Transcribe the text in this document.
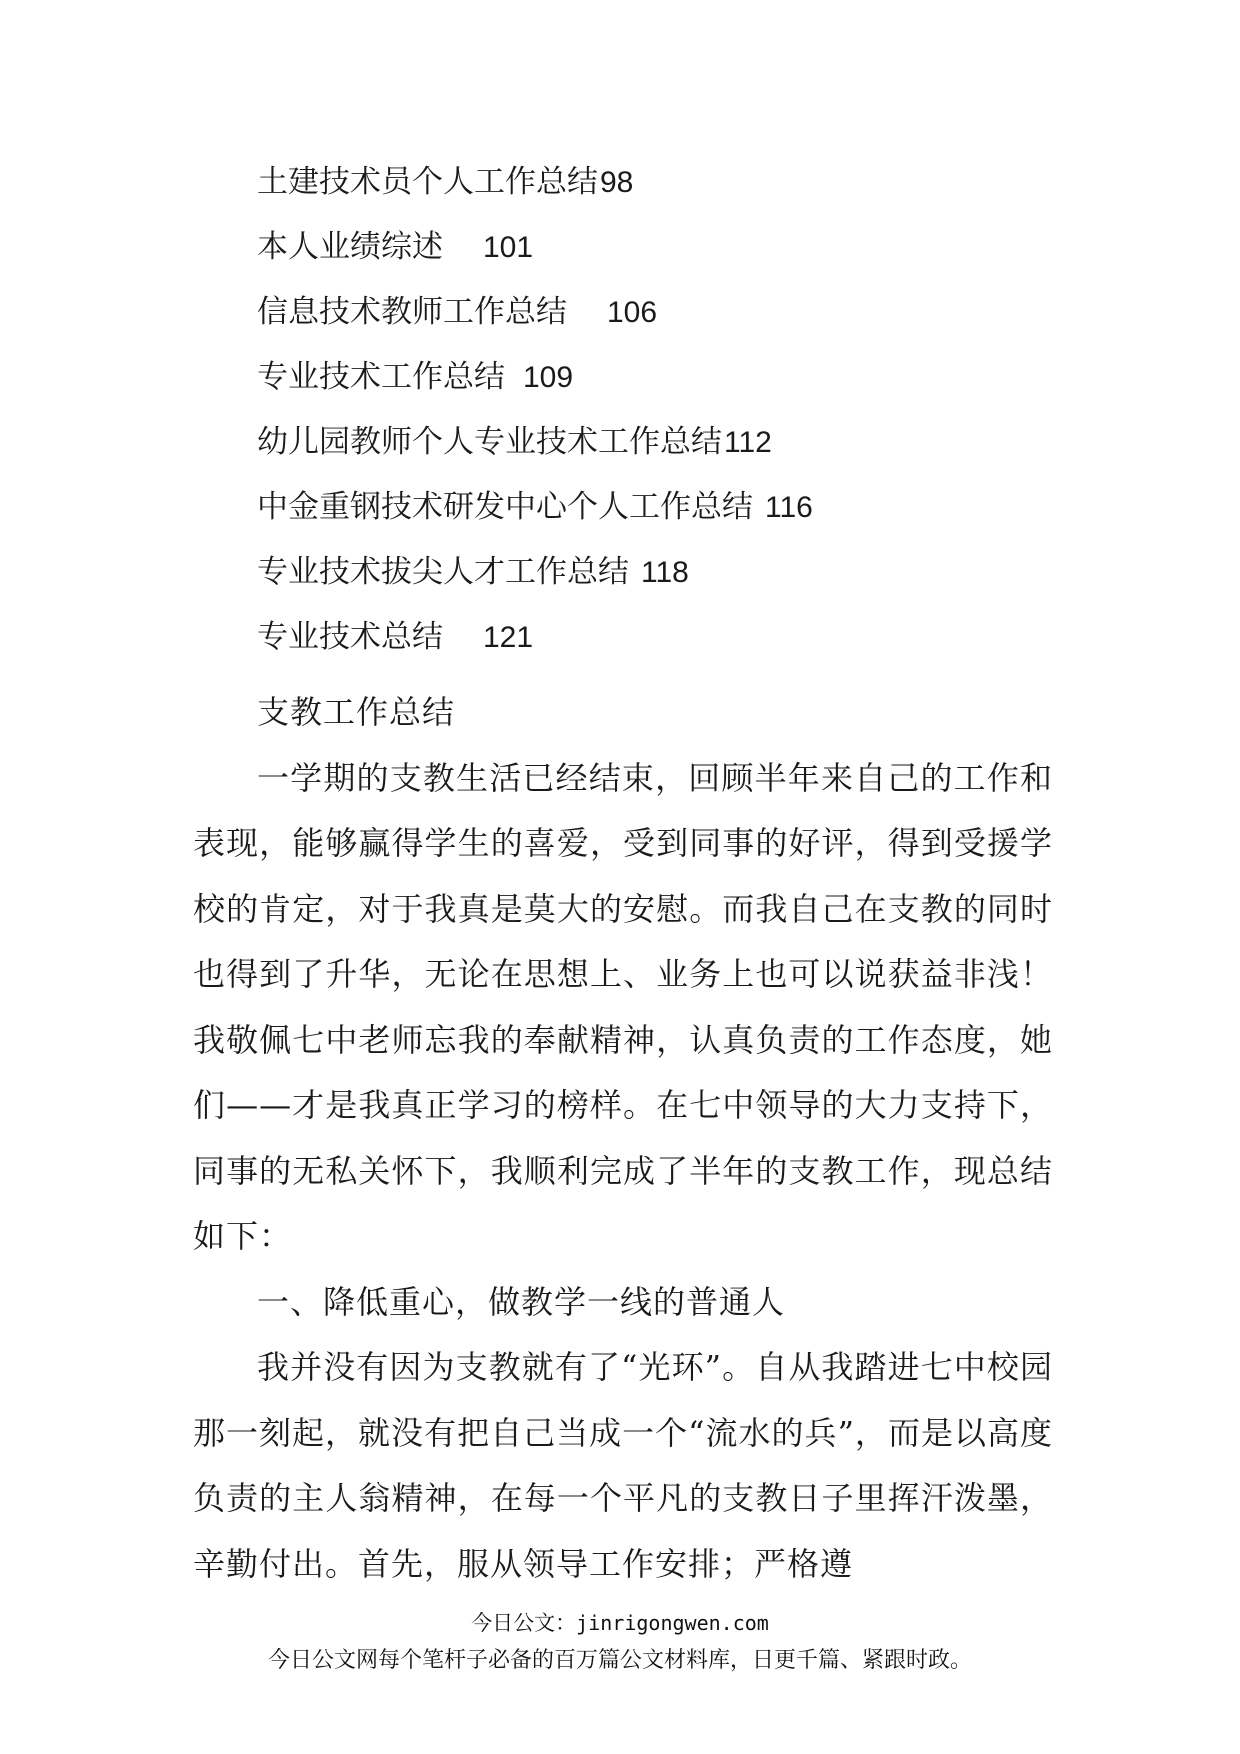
土建技术员个人工作总结 98
本人业绩综述 101
信息技术教师工作总结 106
专业技术工作总结 109
幼儿园教师个人专业技术工作总结 112
中金重钢技术研发中心个人工作总结 116
专业技术拔尖人才工作总结 118
专业技术总结 121

支教工作总结

一学期的支教生活已经结束，回顾半年来自己的工作和表现，能够赢得学生的喜爱，受到同事的好评，得到受援学校的肯定，对于我真是莫大的安慰。而我自己在支教的同时也得到了升华，无论在思想上、业务上也可以说获益非浅！我敬佩七中老师忘我的奉献精神，认真负责的工作态度，她们——才是我真正学习的榜样。在七中领导的大力支持下，同事的无私关怀下，我顺利完成了半年的支教工作，现总结如下：

一、降低重心，做教学一线的普通人

我并没有因为支教就有了“光环”。自从我踏进七中校园那一刻起，就没有把自己当成一个“流水的兵”，而是以高度负责的主人翁精神，在每一个平凡的支教日子里挥汗泼墨，辛勤付出。首先，服从领导工作安排；严格遵

今日公文：jinrigongwen.com
今日公文网每个笔杆子必备的百万篇公文材料库，日更千篇、紧跟时政。
